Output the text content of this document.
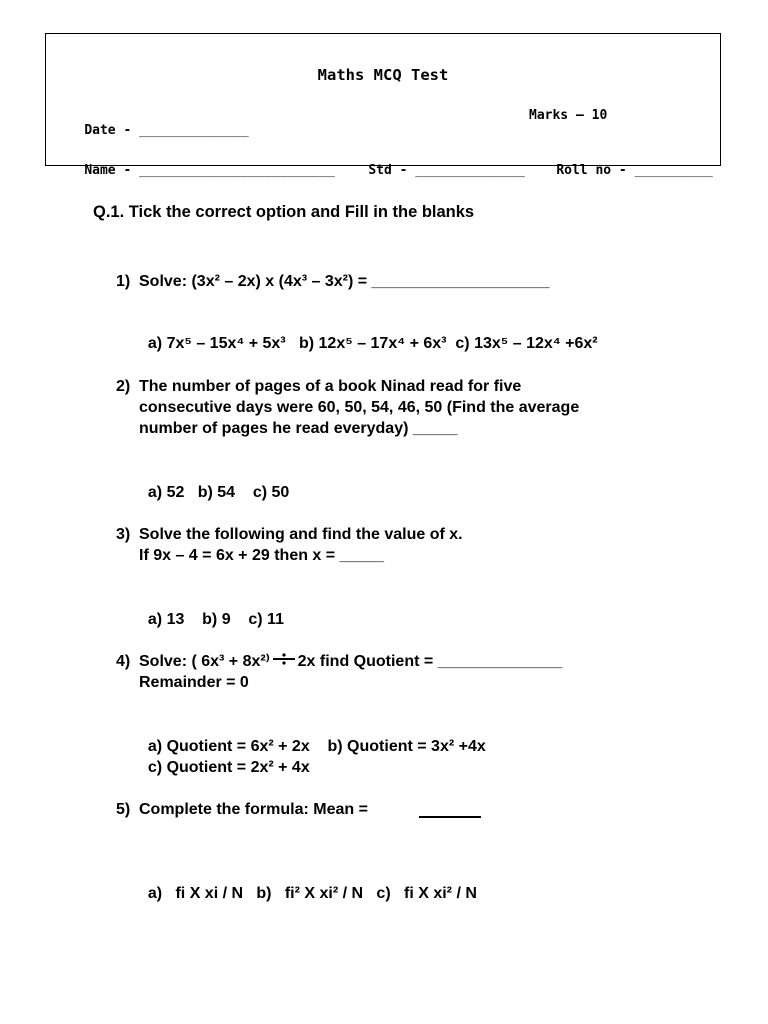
Maths MCQ Test

Date - ______________

Marks – 10

Name - _________________________
	Std - ______________
	Roll no - __________

Q.1. Tick the correct option and Fill in the blanks
1) Solve: (3x² – 2x) x (4x³ – 3x²) = ____________________

a) 7x⁵ – 15x⁴ + 5x³ b) 12x⁵ – 17x⁴ + 6x³ c) 13x⁵ – 12x⁴ +6x²

2) The number of pages of a book Ninad read for five
consecutive days were 60, 50, 54, 46, 50 (Find the average
number of pages he read everyday) _____

a) 52 b) 54 c) 50

3) Solve the following and find the value of x.
If 9x – 4 = 6x + 29 then x = _____

a) 13 b) 9 c) 11

4) Solve: ( 6x³ + 8x²⁾ 2x find Quotient = ______________
Remainder = 0

a) Quotient = 6x² + 2x b) Quotient = 3x² +4x

c) Quotient = 2x² + 4x

5) Complete the formula: Mean =

a) fi X xi / N b) fi² X xi² / N c) fi X xi² / N
